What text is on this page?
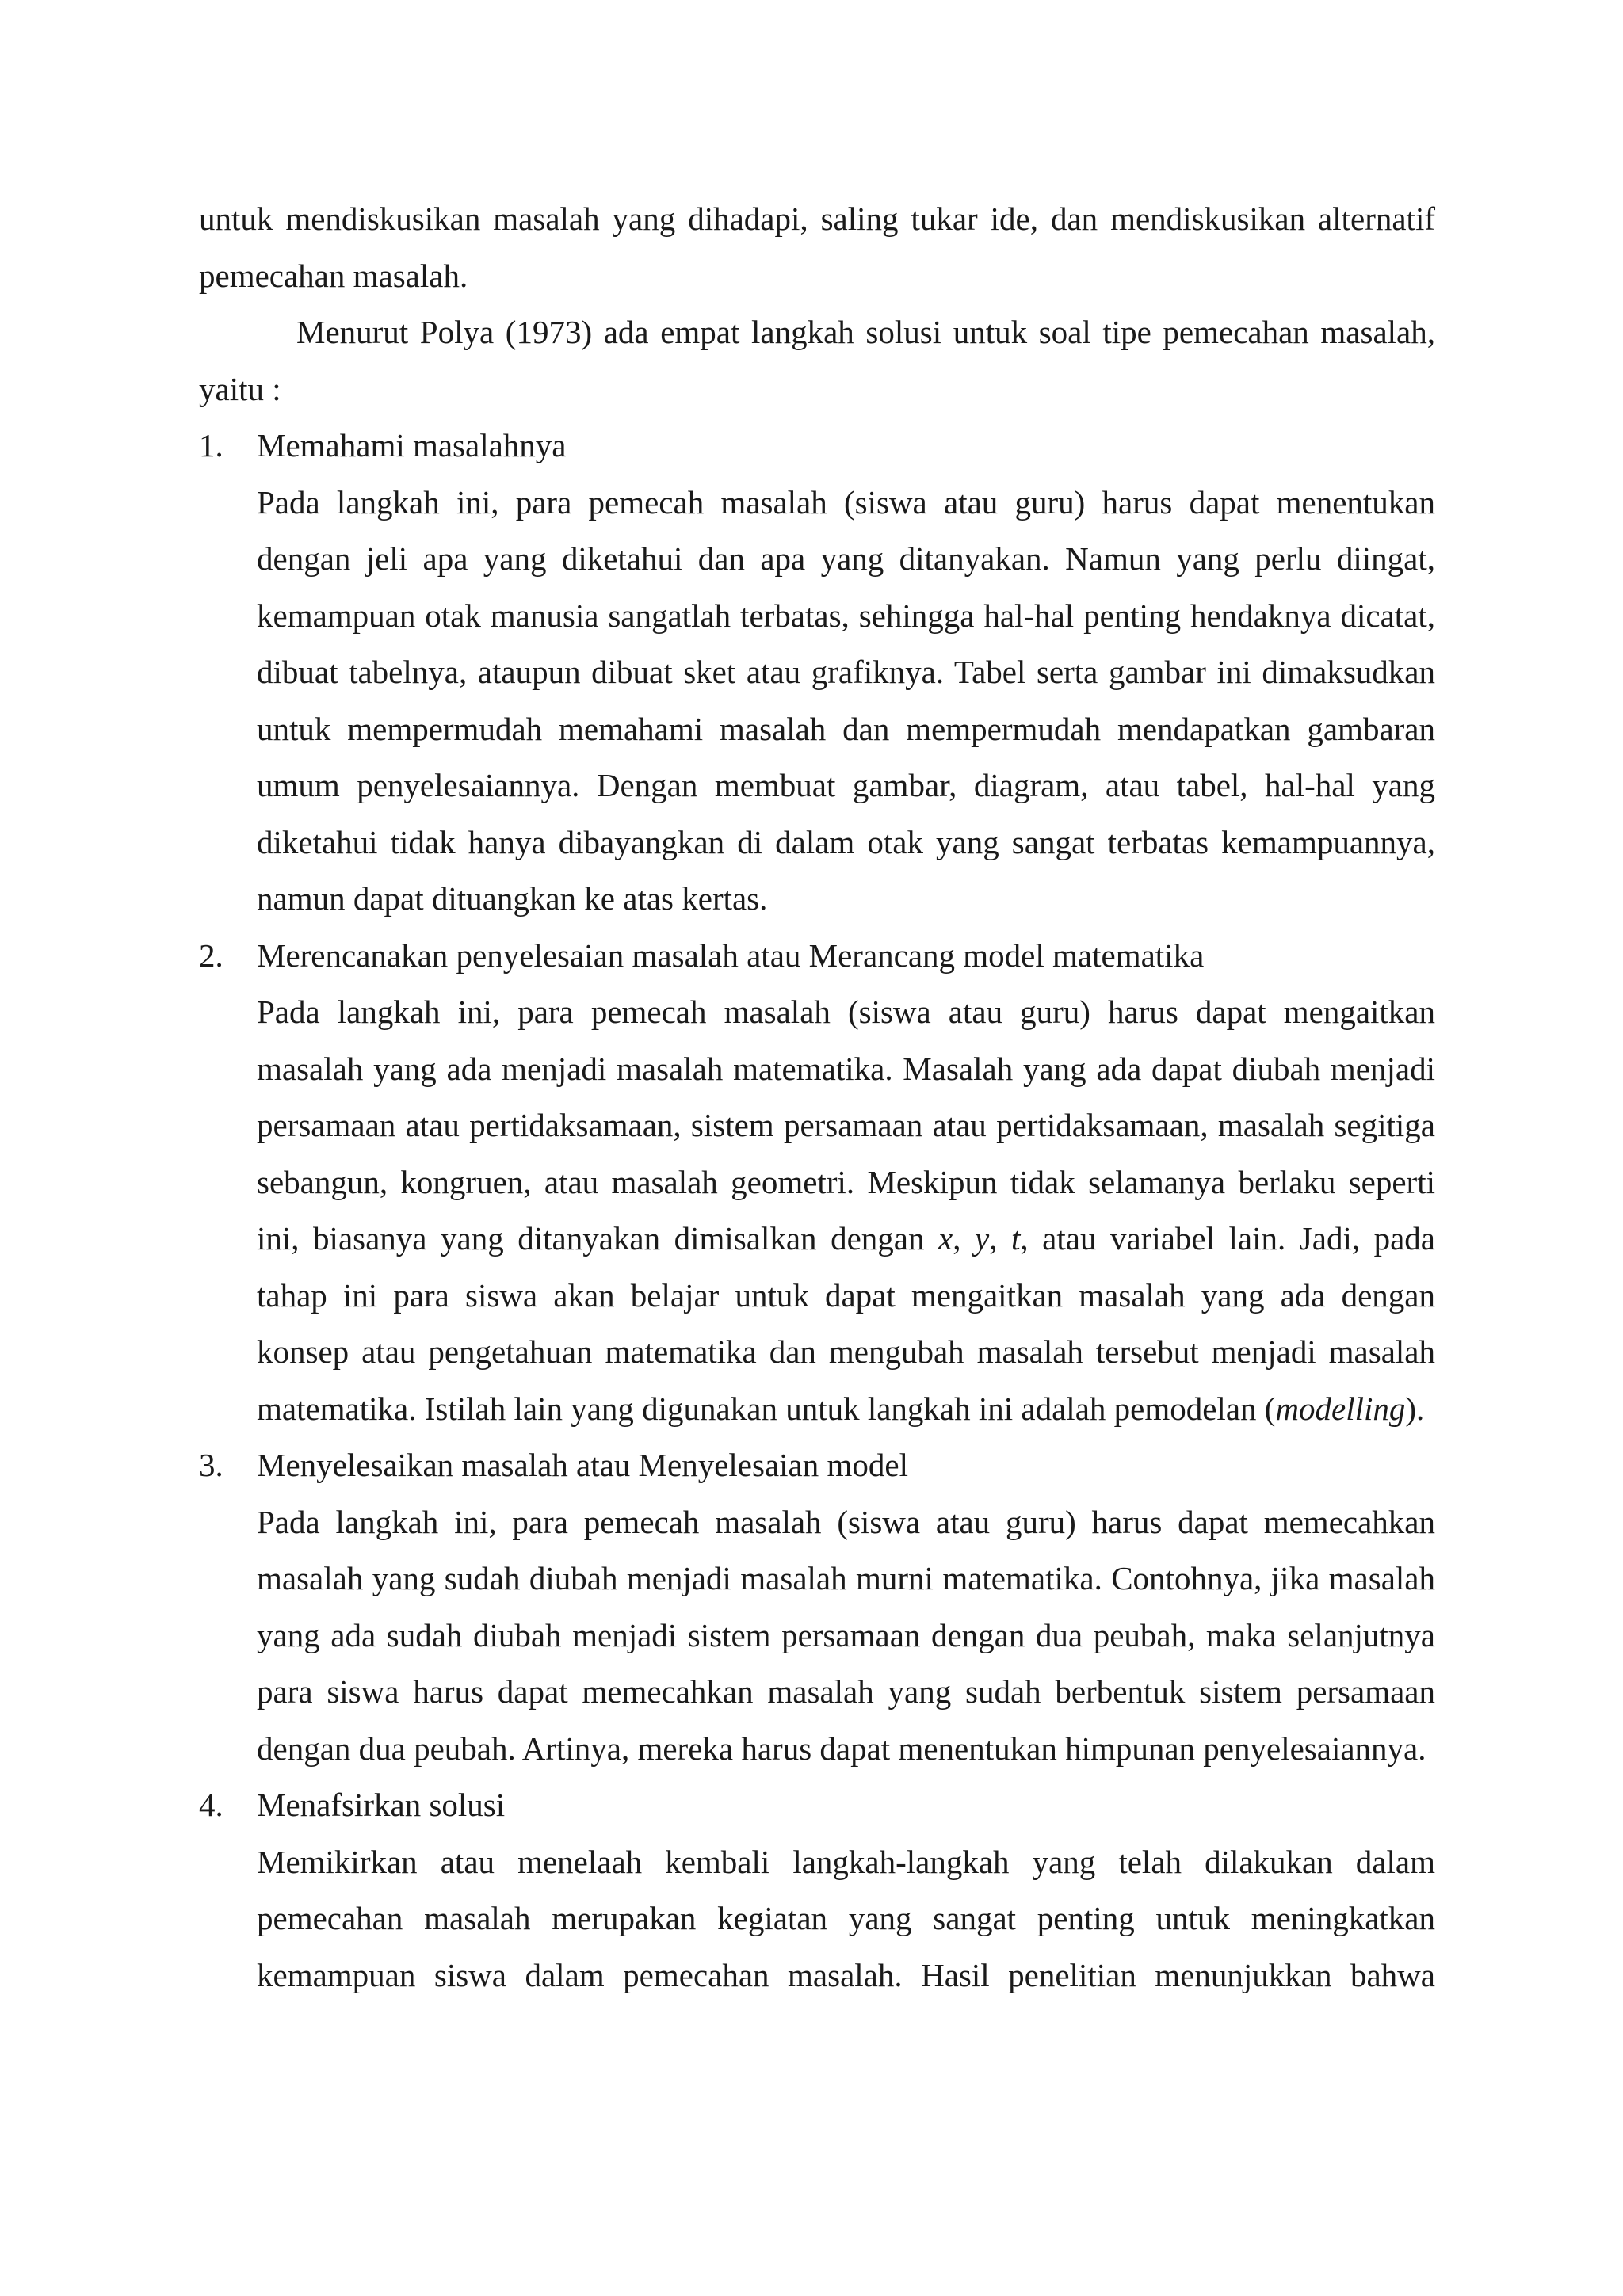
untuk mendiskusikan masalah yang dihadapi, saling tukar ide, dan mendiskusikan alternatif pemecahan masalah.

Menurut Polya (1973) ada empat langkah solusi untuk soal tipe pemecahan masalah, yaitu :

1. Memahami masalahnya

Pada langkah ini, para pemecah masalah (siswa atau guru) harus dapat menentukan dengan jeli apa yang diketahui dan apa yang ditanyakan. Namun yang perlu diingat, kemampuan otak manusia sangatlah terbatas, sehingga hal-hal penting hendaknya dicatat, dibuat tabelnya, ataupun dibuat sket atau grafiknya. Tabel serta gambar ini dimaksudkan untuk mempermudah memahami masalah dan mempermudah mendapatkan gambaran umum penyelesaiannya. Dengan membuat gambar, diagram, atau tabel, hal-hal yang diketahui tidak hanya dibayangkan di dalam otak yang sangat terbatas kemampuannya, namun dapat dituangkan ke atas kertas.

2. Merencanakan penyelesaian masalah atau Merancang model matematika

Pada langkah ini, para pemecah masalah (siswa atau guru) harus dapat mengaitkan masalah yang ada menjadi masalah matematika. Masalah yang ada dapat diubah menjadi persamaan atau pertidaksamaan, sistem persamaan atau pertidaksamaan, masalah segitiga sebangun, kongruen, atau masalah geometri. Meskipun tidak selamanya berlaku seperti ini, biasanya yang ditanyakan dimisalkan dengan x, y, t, atau variabel lain. Jadi, pada tahap ini para siswa akan belajar untuk dapat mengaitkan masalah yang ada dengan konsep atau pengetahuan matematika dan mengubah masalah tersebut menjadi masalah matematika. Istilah lain yang digunakan untuk langkah ini adalah pemodelan (modelling).

3. Menyelesaikan masalah atau Menyelesaian model

Pada langkah ini, para pemecah masalah (siswa atau guru) harus dapat memecahkan masalah yang sudah diubah menjadi masalah murni matematika. Contohnya, jika masalah yang ada sudah diubah menjadi sistem persamaan dengan dua peubah, maka selanjutnya para siswa harus dapat memecahkan masalah yang sudah berbentuk sistem persamaan dengan dua peubah. Artinya, mereka harus dapat menentukan himpunan penyelesaiannya.

4. Menafsirkan solusi

Memikirkan atau menelaah kembali langkah-langkah yang telah dilakukan dalam pemecahan masalah merupakan kegiatan yang sangat penting untuk meningkatkan kemampuan siswa dalam pemecahan masalah. Hasil penelitian menunjukkan bahwa
